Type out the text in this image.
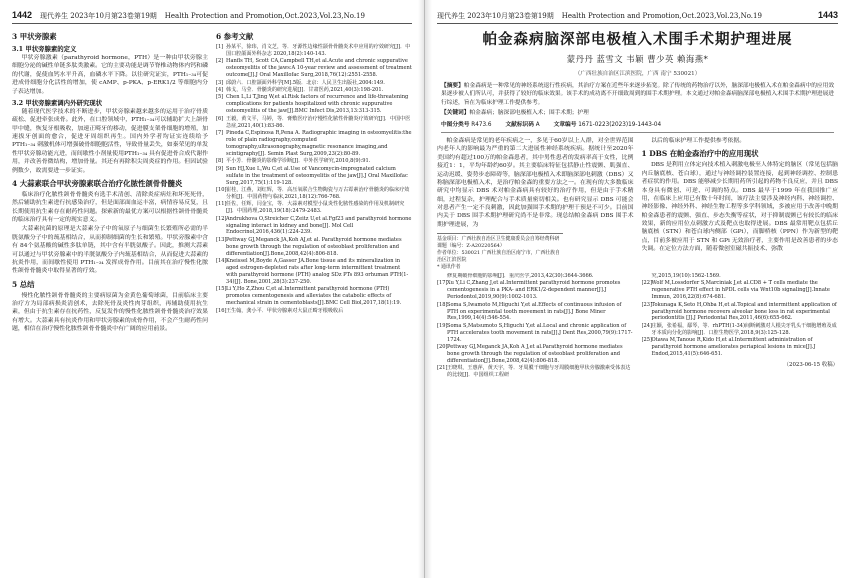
1442 现代养生 2023年10月第23卷第19期 Health Protection and Promotion,Oct.2023,Vol.23,No.19
3 甲状旁腺素
3.1 甲状旁腺素的定义
甲状旁腺激素（parathyroid hormone，PTH）是一种由甲状旁腺主细胞分泌的碱性单链多肽类激素。它的主要功能是调节脊椎动物体内钙和磷的代谢，促使血钙水平升高，血磷水平下降。以往研究证实，PTH₁₋₃₄可促进成骨细胞分化活性的增加，使 cAMP、p-PKA、p-ERK1/2 等细胞内分子表达增加。
3.2 甲状旁腺素调内外研究现状
随着现代医学技术的不断进步，甲状旁腺素越来越多的运用于治疗骨质疏松、促进牵张成骨。此外，在口腔领域中，PTH₁₋₃₄可以辅助扩大上颌骨甲中缝，恢复牙根吸收，加速正畸牙的移动，促进膜支架骨细胞的增殖，加速拔牙创面的愈合，促进牙周组织再生。国内外学者均证实连续给予 PTH₁₋₃₄ 刺激机体可增强破骨细胞胞活性，导致骨量丢失，如秦荣见的单发性甲状旁腺功能亢进，而间歇性小剂量使用PTH₁₋₃₄ 具有促进骨合成代谢作用，并改善骨微结构，增加骨量。其还有再除积尖周炎症的作用。但因试验例数少，故需要进一步证实。
4 大蒜素联合甲状旁腺素联合治疗化脓性颌骨骨髓炎
临床治疗化脓性颌骨骨髓炎有选手术清创、清除炎症病灶和坏死死骨，然后辅助抗生素进行抗感染治疗，但是面部面血运丰富，病情容易反复，且长期使用抗生素存在耐药性问题。探索新的最优方案可以根据性颌骨骨髓炎的临床治疗具有一定的现实意义。
大蒜素抗菌的原理是大蒜素分子中的氧原子与细菌生长繁殖所必需的半胱氨酸分子中的巯基相结合，从而抑制细菌的生长和繁殖。甲状旁腺素中含有 84个氨基酸的碱性多肽单链，其中含有半胱氨酸子。因此，推测大蒜素可以通过与甲状旁腺素中的半胱氨酸分子内巯基相结合，从而促进大蒜素的抗炎作用，而间歇性使用 PTH₁₋₃₄ 发挥成骨作用。目前其在治疗慢性化脓性颌骨骨髓炎中取得显著的疗效。
5 总结
慢性化脓性颌骨骨髓炎的主要病原菌为金黄色葡萄球菌，目前临床主要治疗方为局部病损炎清创术，去除死骨及炎性肉芽组织，再辅助使用抗生素，但由于抗生素存在抗药性，反复发作的慢性化脓性颌骨骨髓炎治疗效果有增大。大蒜素具有抗炎作用和甲状旁腺素的成骨作用，不会产生耐药性问题，相信在治疗慢性化脓性颌骨骨髓炎中有广阔的应用前景。
6 参考文献
[1] 孙某平，徐玮，肖文芝，等．牙源性边缘性颌骨骨髓炎术中应用的疗效研究[J]．中国口腔颌面外科杂志 2020,18(2):140-143.
[2] Hanfls TH, Scott CA,Campbell TH,et al.Acute and chronic suppurative osteomyelitis of the jaws:A 10-year review and assessment of treatment outcome[J].J Oral Maxillofac Surg,2018,76(12):2551-2558.
[3] 邱蔚六．口腔颌面外科学[M].5版．北京：人民卫生出版社,2004:149.
[4] 韩戈，马莹．骨髓炎的研究进展[J]．甘肃医药,2021,40(3):198-201.
[5] Chen L,Li T,Jing W,et al.Risk factors of recurrence and life-threatening complications for patients hospitalized with chronic suppurative osteomyelitis of the jaw[J].BMC Infect Dis,2013,13:313-315.
[6] 王毅，黄文平，马婷，等．膏敷医疗治疗慢性化脓性骨髓炎疗效研究[J]．中国中医急症,2021,40(1):83-86.
[7] Pineda C,Espinosa R,Pena A. Radiographic imaging in osteomyelitis:the role of plain radiography,computed tomography,ultrasonography,magnetic resonance imaging,and scintigraphy[J]. Semin Plast Surg,2009,23(2):80-89.
[8] 平小芳．骨髓炎的影像学诊断[J]．中外医学研究,2010,8(9):91.
[9] Sun HJ,Xue L,Wu C,et al.Use of Vancomycin-impregnated calcium sulfate in the treatment of osteomyelitis of the jaw[J].J Oral Maxillofac Surg,2017,75(1):119-128.
[10]崔桂，江燕，刘红辉，等．高压氧联合生物陶瓷与万古霉素治疗骨髓炎的临床疗效分析[J]．中国药物与临床,2021,18(12):766-768.
[11]任佐，任辉，闫金宝，等．大蒜素对模型小鼠炎性化脓性感染的作用及机制研究[J]．中国药理,2018,19(18):2479-2483.
[12]Andrukhova O,Streicher C,Zeitz U,et al.Fgf23 and parathyroid hormone signaling interact in kidney and bone[J]. Mol Cell Endocrinol,2016,436(1):224-239.
[13]Pettway GJ,Meganck JA,Koh AJ,et al. Parathyroid hormone mediates bone growth through the regulation of osteoblast proliferation and differentiation[J].Bone,2008,42(4):806-818.
[14]Kneissel M,Boyde A,Gasser JA.Bone tissue and its mineralization in aged estrogen-depleted rats after long-term intermittent treatment with parathyroid hormone (PTH) analog SDz PTs 893 orhuman PTH(1-34)[J]. Bone,2001,28(3):237-250.
[15]Li Y,Ho Z,Zhou C,et al.Intermittent parathyroid hormone (PTH) promotes cementogenesis and alleviates the catabolic effects of mechanical strain in cementoblasts[J].BMC Cell Biol,2017,18(1):19.
[16]王生翰，龚小平．甲状旁腺素对大鼠正畸牙根吸收后
现代养生 2023年10月第23卷第19期 Health Protection and Promotion,Oct.2023,Vol.23,No.19	1443
帕金森病脑深部电极植入术围手术期护理进展
蒙丹丹 蓝雪文 韦颖 曹少英 赖海燕*
（广西壮族自治区江滨医院，广西 南宁 530021）
【摘要】帕金森病是一种常见的神经系统退行性疾病，其治疗方案在近些年来逐步拓宽。除了传统的药物治疗以外，脑深部电极植入术在帕金森病中的应用效果逐步被人们所认可，并获得了较好的临床效果。该手术的成功离不开细致周到的围手术期护理。本文通过对帕金森病脑深部电极植入术围手术期护理进展进行综述，旨在为临床护理工作提供参考。
【关键词】帕金森病；脑深部电极植入术；围手术期；护理
中图分类号 R473.6 文献标识码 A 文章编号 1671-0223(2023)19-1443-04
帕金森病是常见的老年疾病之一，多见于60岁以上人群，对全世界范围内老年人的影响最为严重的第二大进展性神经系统疾病。据统计至2020年美国约有超过100万的帕金森患者，其中男性患者的发病率高于女性，比例接近1：1，平均年龄约60岁。其主要临床特征包括静止性震颤、肌强直、运动迟缓、姿势步态障碍等，脑深部电极植入术即脑深部电刺激（DBS）又称脑深部电极植入术，是治疗帕金森的重要方法之一。在现有的大多数临床研究中均显示 DBS 术对帕金森病具有较好的治疗作用，但是由于手术精细，过程复杂，护理配合与手术质量密切相关。也有研究显示 DBS 可能会对患者产生一定不良刺激，因此加强围手术期的护理干预是不可少。目前国内关于 DBS 围手术期护理研究尚不是非常。现总结帕金森病 DBS 围手术期护理进展，为
基金项目：广西壮族自治区卫生健康委员会自筹经费科研课题（编号：Z-A20220564）
作者单位：530021 广西壮族自治区南宁市，广西壮族自治区江滨医院
* 通讯作者
以后的临床护理工作提供参考依据。
1 DBS 在帕金森治疗中的应用现状
DBS 是利用立体定向技术植入刺激电极至人体特定的脑区（常见包括脑内丘脑底核、苍白球），通过与神经调控装置连接，起到神经调控、控制患者症状的作用。DBS 能够减少长期用药所引起的药物不良反应，并且 DBS 本身具有微创、可逆、可调的特点。DBS 最早于1999 年在我国推广应用，在临床上应用已有数十年时间，该疗法主要涉及神经内科、神经调控、神经影像、神经外科、神经生物工程等多学科领域，多被应用于改善中晚期帕金森患者的震颤、强直、步态失衡等症状，对于抑制震颤已有较长的临床效果，新的应用位点刺激方式及靶点也取得进展。DBS 最常用靶点包括丘脑底核（STN）和苍白球内侧部（GPi），而脚桥核（PPN）作为新型的靶点，目前多被应用于 STN 和 GPi 无效治疗者，主要作用是改善患者的步态失调。在定位方法方面，随着微创室磁共振技术、弥散
修复期破骨细胞的影响[J]．重庆医学,2013,42(30):3644-3666.
[17]Xu Y,Li C,Zhang J,et al.Intermittent parathyroid hormone promotes cementogenesis in a PKA- and ERK1/2-dependent manner[J].J Periodontol,2019,90(9):1002-1013.
[18]Soma S,Iwamoto M,Higuchi Y,et al.Effects of continuous infusion of PTH on experimental tooth movement in rats[J].J Bone Miner Res,1999,14(4):546-554.
[19]Soma S,Matsumoto S,Higuchi Y,et al.Local and chronic application of PTH accelerates tooth movement in rats[J].J Dent Res,2000,79(9):1717-1724.
[20]Pettway GJ,Meganck JA,Koh A J,et al.Parathyroid hormone mediates bone growth through the regulation of osteoblast proliferation and differentiation[J].Bone,2008,42(4):806-818.
[21]王晓琪，王惠萍，黄天宇，等．牙周膜干细胞与牙周膜细胞甲状旁腺激素受体表达的比较[J]．中国组织工程研
究,2015,19(10):1562-1569.
[22]Wolf M,Lossdorfer S,Marciniak J,et al.CD8 + T cells mediate the regenerative PTH effect in hPDL cells via Wnt10b signaling[J].Innate Immun, 2016,22(8):674-681.
[23]Tokunaga K,Seto H,Ohba H,et al.Topical and intermittent application of parathyroid hormone recovers alveolar bone loss in rat experimental periodontitis [J].J Periodontal Res,2011,46(6):655-662.
[24]庄颖，张希福，鄢琴，等．rhPTH(1-34)间断刺激对人根尖牙乳头干细胞增殖及成牙本质向分化的影响[J]．口腔生物医学,2018,9(3):125-128.
[25]Otawa M,Tanoue R,Kido H,et al.Intermittent administration of parathyroid hormone ameliorates periapical lesions in mice[J].J Endod,2015,41(5):646-651.
（2023-06-15 收稿）
